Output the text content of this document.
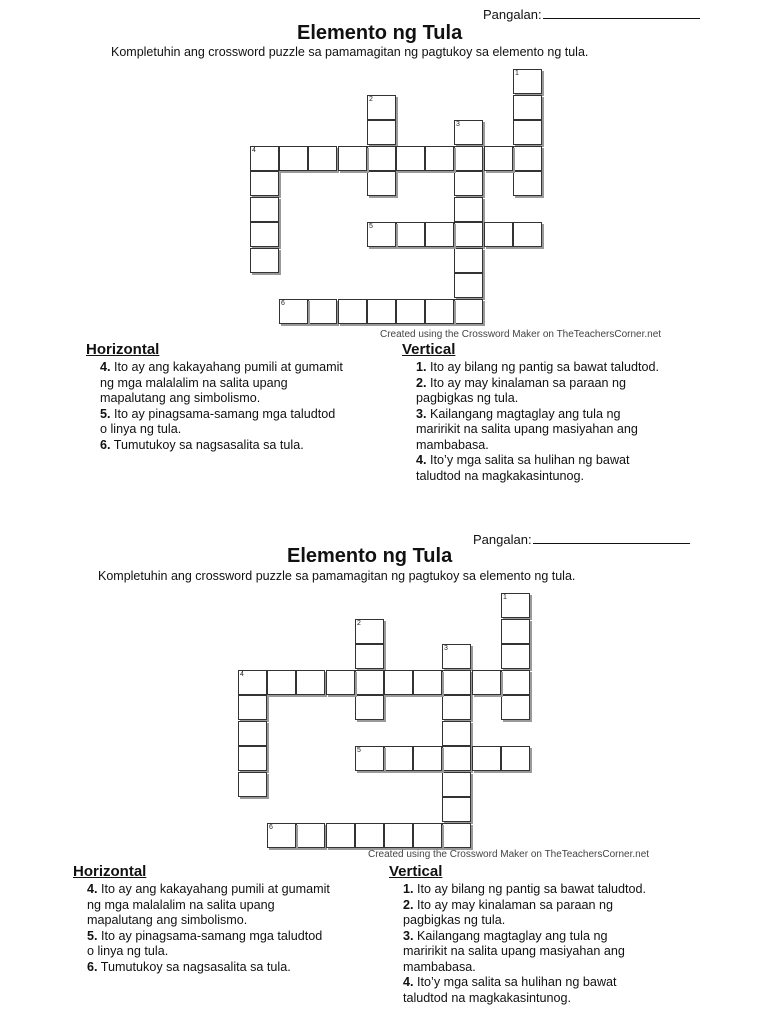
Pangalan:
Elemento ng Tula
Kompletuhin ang crossword puzzle sa pamamagitan ng pagtukoy sa elemento ng tula.
1
2
3
4
5
6
Created using the Crossword Maker on TheTeachersCorner.net
Horizontal
4. Ito ay ang kakayahang pumili at gumamit
ng mga malalalim na salita upang
mapalutang ang simbolismo.
5. Ito ay pinagsama-samang mga taludtod
o linya ng tula.
6. Tumutukoy sa nagsasalita sa tula.
Vertical
1. Ito ay bilang ng pantig sa bawat taludtod.
2. Ito ay may kinalaman sa paraan ng
pagbigkas ng tula.
3. Kailangang magtaglay ang tula ng
maririkit na salita upang masiyahan ang
mambabasa.
4. Ito’y mga salita sa hulihan ng bawat
taludtod na magkakasintunog.
Pangalan:
Elemento ng Tula
Kompletuhin ang crossword puzzle sa pamamagitan ng pagtukoy sa elemento ng tula.
1
2
3
4
5
6
Created using the Crossword Maker on TheTeachersCorner.net
Horizontal
4. Ito ay ang kakayahang pumili at gumamit
ng mga malalalim na salita upang
mapalutang ang simbolismo.
5. Ito ay pinagsama-samang mga taludtod
o linya ng tula.
6. Tumutukoy sa nagsasalita sa tula.
Vertical
1. Ito ay bilang ng pantig sa bawat taludtod.
2. Ito ay may kinalaman sa paraan ng
pagbigkas ng tula.
3. Kailangang magtaglay ang tula ng
maririkit na salita upang masiyahan ang
mambabasa.
4. Ito’y mga salita sa hulihan ng bawat
taludtod na magkakasintunog.
